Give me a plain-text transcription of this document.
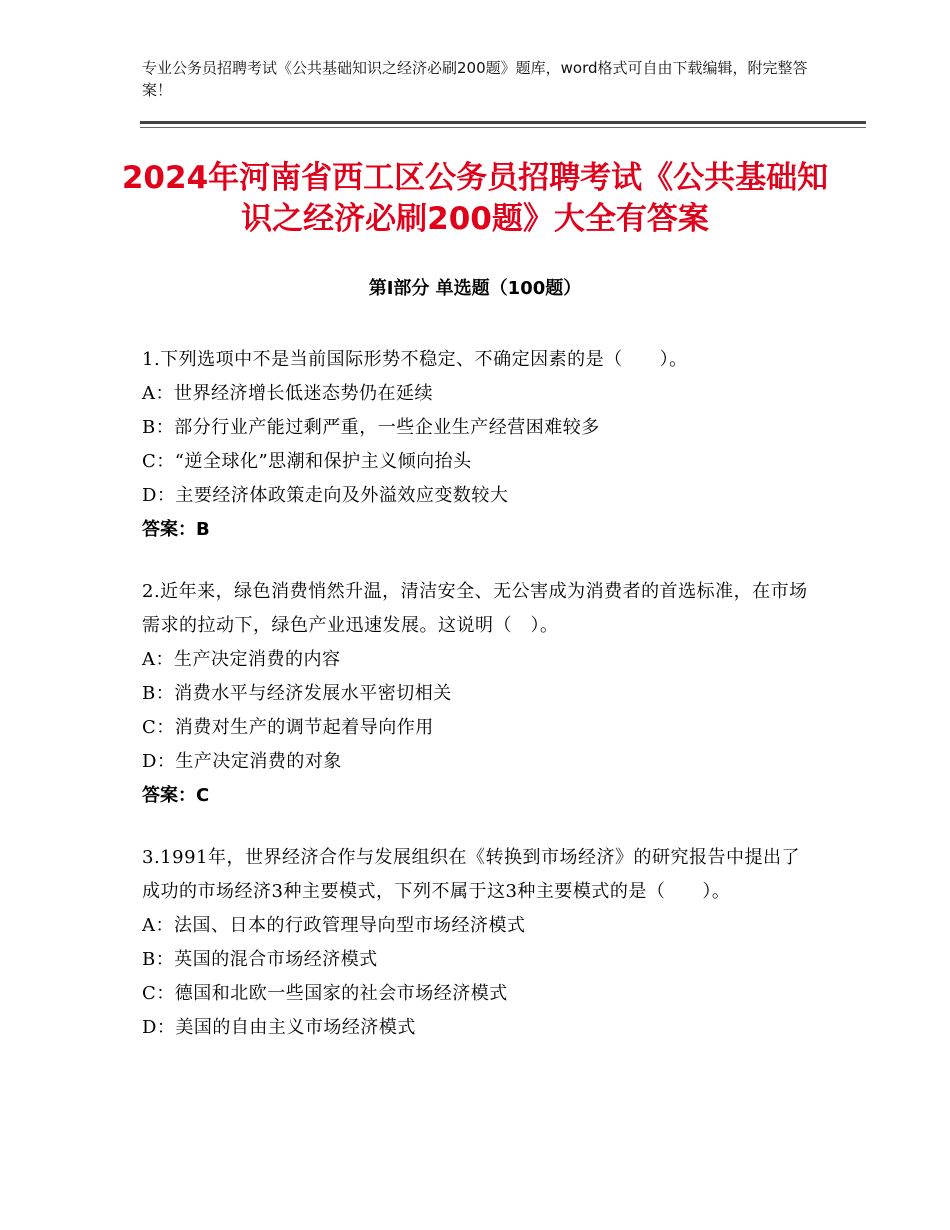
专业公务员招聘考试《公共基础知识之经济必刷200题》题库，word格式可自由下载编辑，附完整答案！
2024年河南省西工区公务员招聘考试《公共基础知识之经济必刷200题》大全有答案
第Ⅰ部分 单选题（100题）
1.下列选项中不是当前国际形势不稳定、不确定因素的是（　　）。
A：世界经济增长低迷态势仍在延续
B：部分行业产能过剩严重，一些企业生产经营困难较多
C：“逆全球化”思潮和保护主义倾向抬头
D：主要经济体政策走向及外溢效应变数较大
答案：B
2.近年来，绿色消费悄然升温，清洁安全、无公害成为消费者的首选标准，在市场需求的拉动下，绿色产业迅速发展。这说明（　）。
A：生产决定消费的内容
B：消费水平与经济发展水平密切相关
C：消费对生产的调节起着导向作用
D：生产决定消费的对象
答案：C
3.1991年，世界经济合作与发展组织在《转换到市场经济》的研究报告中提出了成功的市场经济3种主要模式，下列不属于这3种主要模式的是（　　）。
A：法国、日本的行政管理导向型市场经济模式
B：英国的混合市场经济模式
C：德国和北欧一些国家的社会市场经济模式
D：美国的自由主义市场经济模式
